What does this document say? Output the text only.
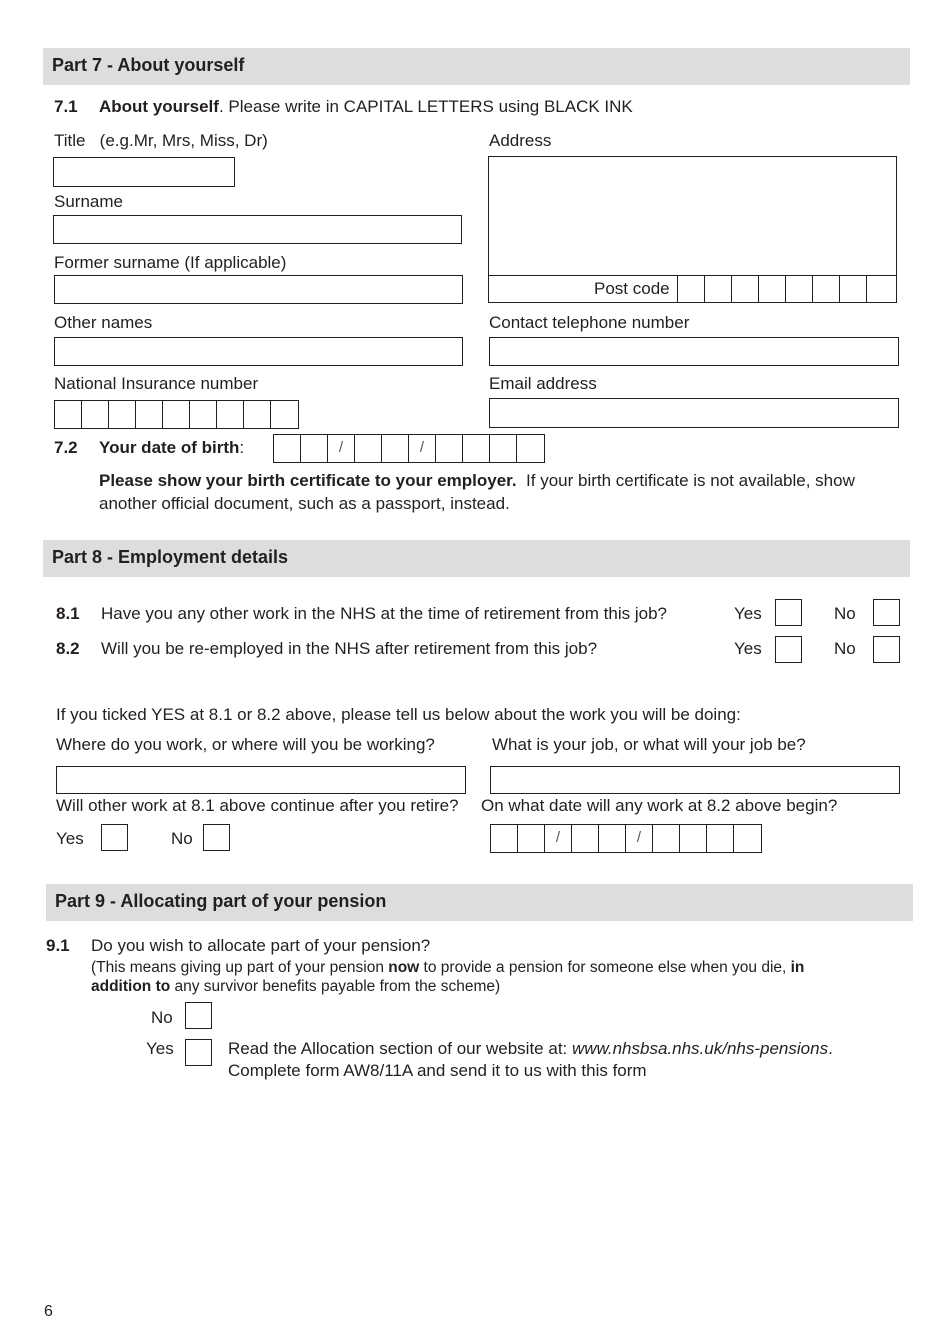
Part 7 - About yourself
7.1 About yourself. Please write in CAPITAL LETTERS using BLACK INK
Title (e.g.Mr, Mrs, Miss, Dr)
Surname
Former surname (If applicable)
Other names
National Insurance number
Address
Post code
Contact telephone number
Email address
7.2 Your date of birth:	/	/
Please show your birth certificate to your employer. If your birth certificate is not available, show
another official document, such as a passport, instead.
Part 8 - Employment details
8.1 Have you any other work in the NHS at the time of retirement from this job?	Yes	No
8.2 Will you be re-employed in the NHS after retirement from this job?	Yes	No
If you ticked YES at 8.1 or 8.2 above, please tell us below about the work you will be doing:
Where do you work, or where will you be working?	What is your job, or what will your job be?
Will other work at 8.1 above continue after you retire? On what date will any work at 8.2 above begin?
Yes	No	/	/
Part 9 - Allocating part of your pension
9.1 Do you wish to allocate part of your pension?
(This means giving up part of your pension now to provide a pension for someone else when you die, in
addition to any survivor benefits payable from the scheme)
No
Yes	Read the Allocation section of our website at: www.nhsbsa.nhs.uk/nhs-pensions.
Complete form AW8/11A and send it to us with this form
6
